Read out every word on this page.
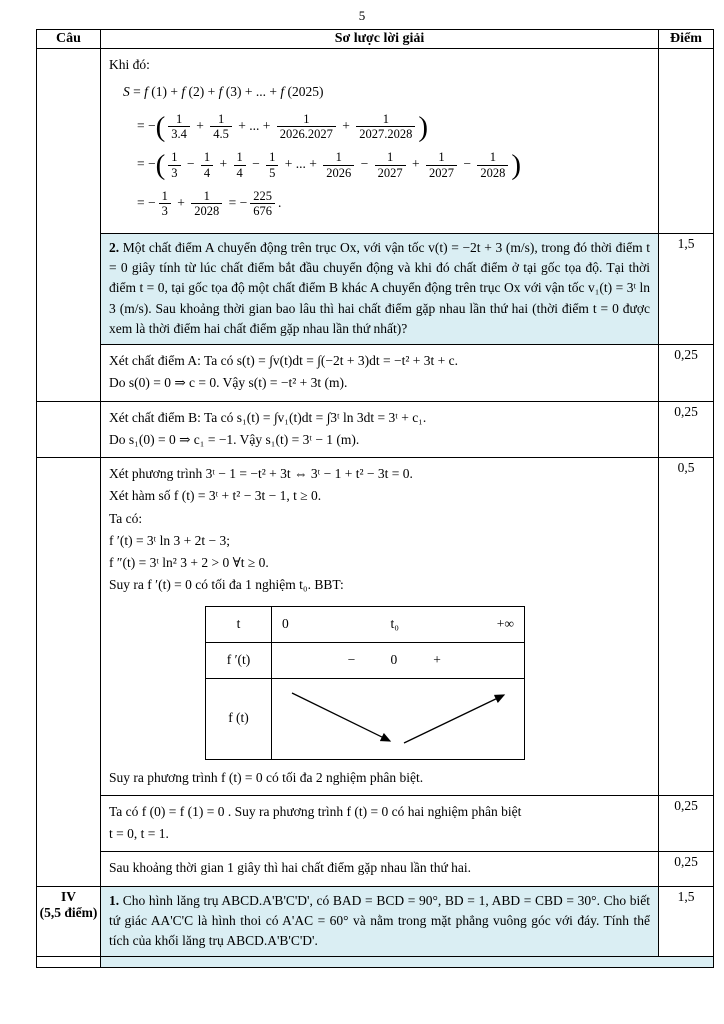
5
Câu	Sơ lược lời giải	Điểm

Khi đó:
S = f (1) + f (2) + f (3) + ... + f (2025)
= −( $\frac{1}{3.4} + \frac{1}{4.5}$ + ... + $\frac{1}{2026.2027} + \frac{1}{2027.2028}$ )
= −( $\frac{1}{3} - \frac{1}{4} + \frac{1}{4} - \frac{1}{5}$ + ... + $\frac{1}{2026} - \frac{1}{2027} + \frac{1}{2027} - \frac{1}{2028}$ )
= − $\frac{1}{3} + \frac{1}{2028}$ = − $\frac{225}{676}$ .

2. Một chất điểm A chuyển động trên trục Ox, với vận tốc v(t) = −2t + 3 (m/s), trong đó thời điểm t = 0 giây tính từ lúc chất điểm bắt đầu chuyển động và khi đó chất điểm ở tại gốc tọa độ. Tại thời điểm t = 0, tại gốc tọa độ một chất điểm B khác A chuyển động trên trục Ox với vận tốc v₁(t) = 3ᵗ ln 3 (m/s). Sau khoảng thời gian bao lâu thì hai chất điểm gặp nhau lần thứ hai (thời điểm t = 0 được xem là thời điểm hai chất điểm gặp nhau lần thứ nhất)?
	1,5

Xét chất điểm A: Ta có s(t) = ∫v(t)dt = ∫(−2t + 3)dt = −t² + 3t + c.
Do s(0) = 0 ⇒ c = 0. Vậy s(t) = −t² + 3t (m).
	0,25

Xét chất điểm B: Ta có s₁(t) = ∫v₁(t)dt = ∫3ᵗ ln 3dt = 3ᵗ + c₁.
Do s₁(0) = 0 ⇒ c₁ = −1. Vậy s₁(t) = 3ᵗ − 1 (m).
	0,25

Xét phương trình 3ᵗ − 1 = −t² + 3t ⇔ 3ᵗ − 1 + t² − 3t = 0.
Xét hàm số f (t) = 3ᵗ + t² − 3t − 1, t ≥ 0.
Ta có:
f ′(t) = 3ᵗ ln 3 + 2t − 3;
f ″(t) = 3ᵗ ln² 3 + 2 > 0 ∀t ≥ 0.
Suy ra f ′(t) = 0 có tối đa 1 nghiệm t₀. BBT:
t	0	t₀	+∞

f ′(t)	−	0	+

f (t)	
Suy ra phương trình f (t) = 0 có tối đa 2 nghiệm phân biệt.
	0,5

Ta có f (0) = f (1) = 0 . Suy ra phương trình f (t) = 0 có hai nghiệm phân biệt
t = 0, t = 1.
	0,25

Sau khoảng thời gian 1 giây thì hai chất điểm gặp nhau lần thứ hai.	0,25

IV
(5,5 điểm)

1. Cho hình lăng trụ ABCD.A'B'C'D', có BAD = BCD = 90°, BD = 1, ABD = CBD = 30°. Cho biết tứ giác AA'C'C là hình thoi có A'AC = 60° và nằm trong mặt phẳng vuông góc với đáy. Tính thể tích của khối lăng trụ ABCD.A'B'C'D'.
	1,5
